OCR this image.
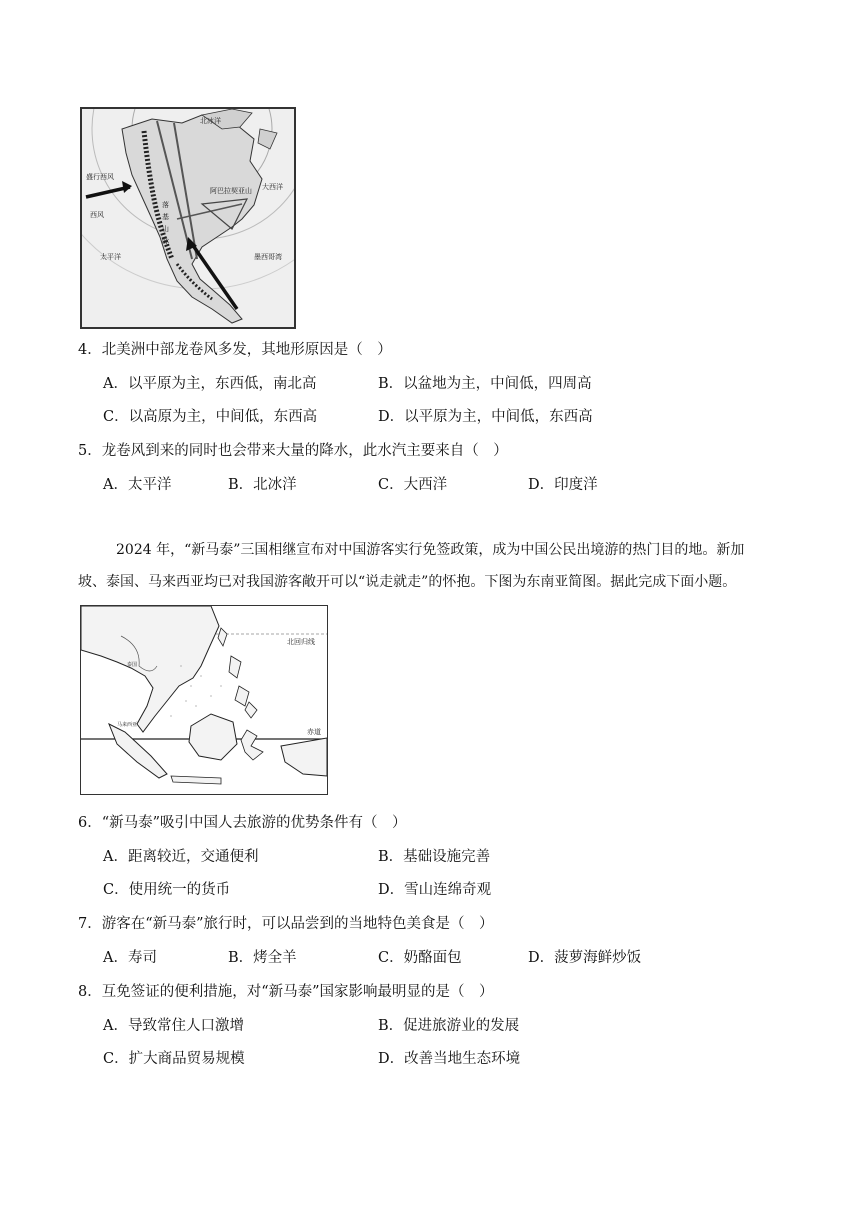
北冰洋
盛行西风
落
基
山
脉
阿巴拉契亚山
太平洋
大西洋
墨西哥湾
西风
4．北美洲中部龙卷风多发，其地形原因是（　）
A．以平原为主，东西低，南北高	B．以盆地为主，中间低，四周高
C．以高原为主，中间低，东西高	D．以平原为主，中间低，东西高
5．龙卷风到来的同时也会带来大量的降水，此水汽主要来自（　）
A．太平洋	B．北冰洋	C．大西洋	D．印度洋
2024 年，“新马泰”三国相继宣布对中国游客实行免签政策，成为中国公民出境游的热门目的地。新加
坡、泰国、马来西亚均已对我国游客敞开可以“说走就走”的怀抱。下图为东南亚简图。据此完成下面小题。
北回归线
赤道
泰国
马来西亚
6．“新马泰”吸引中国人去旅游的优势条件有（　）
A．距离较近，交通便利	B．基础设施完善
C．使用统一的货币	D．雪山连绵奇观
7．游客在“新马泰”旅行时，可以品尝到的当地特色美食是（　）
A．寿司	B．烤全羊	C．奶酪面包	D．菠萝海鲜炒饭
8．互免签证的便利措施，对“新马泰”国家影响最明显的是（　）
A．导致常住人口激增	B．促进旅游业的发展
C．扩大商品贸易规模	D．改善当地生态环境
